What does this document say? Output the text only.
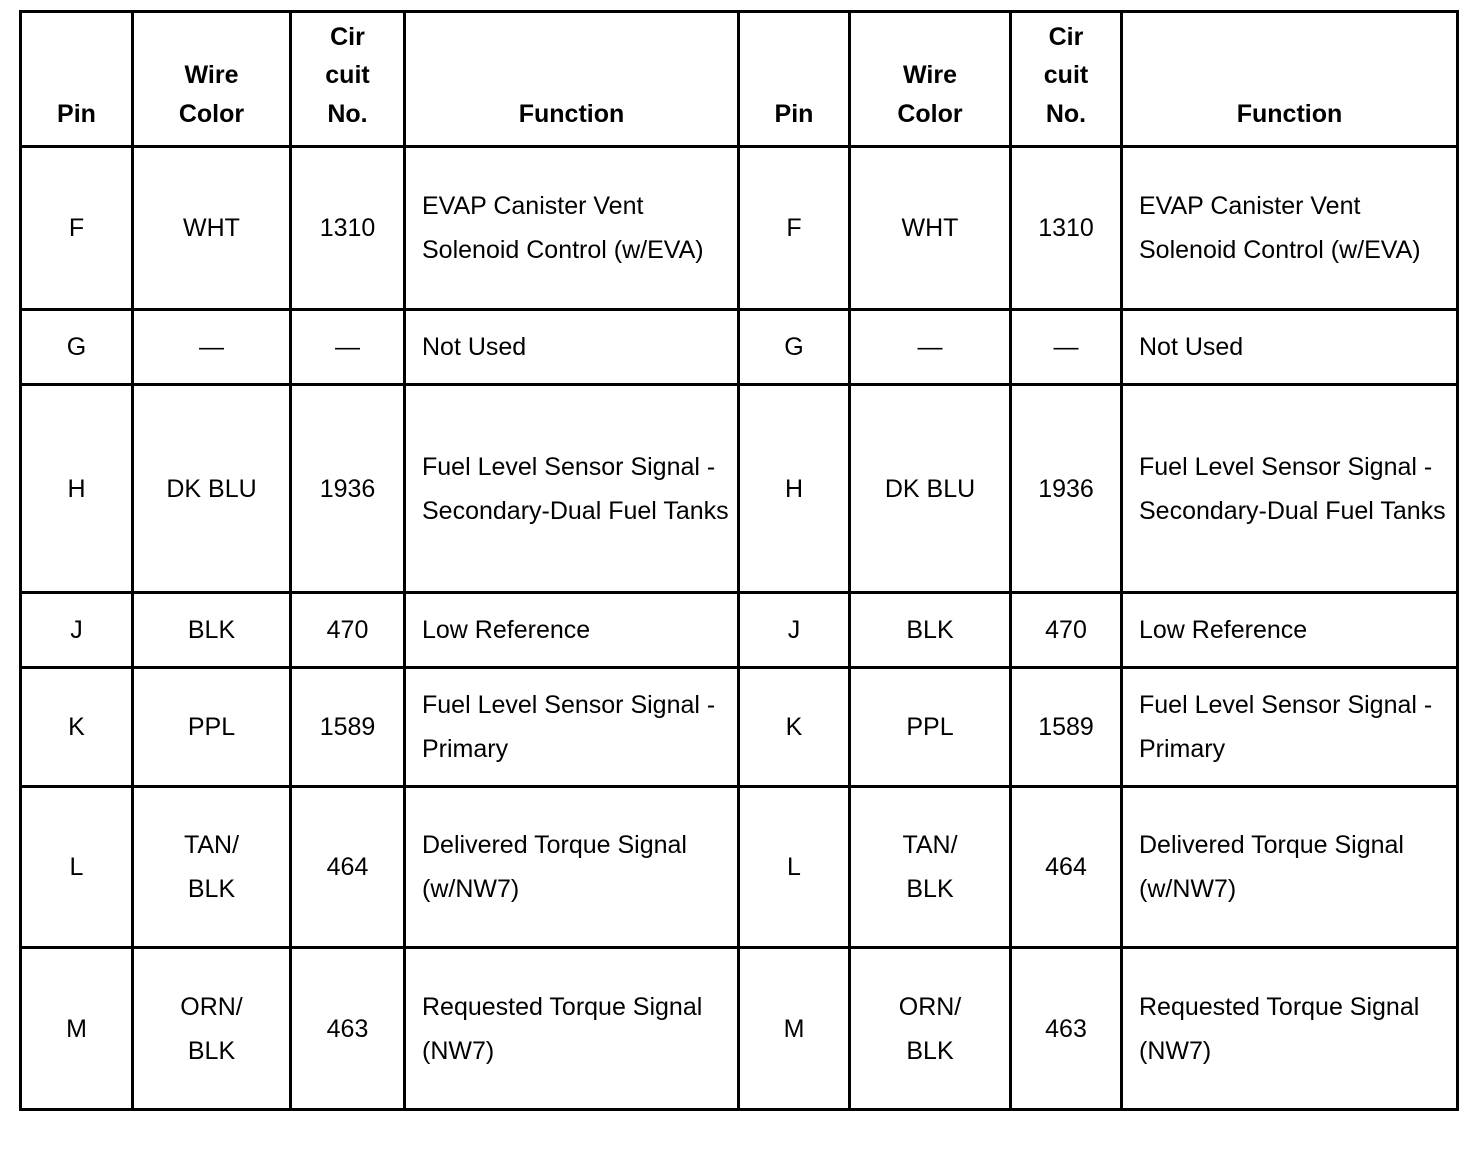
Pin	Wire Color	Cir cuit No.	Function	Pin	Wire Color	Cir cuit No.	Function
F	WHT	1310	EVAP Canister Vent Solenoid Control (w/EVA)	F	WHT	1310	EVAP Canister Vent Solenoid Control (w/EVA)
G	—	—	Not Used	G	—	—	Not Used
H	DK BLU	1936	Fuel Level Sensor Signal - Secondary-Dual Fuel Tanks	H	DK BLU	1936	Fuel Level Sensor Signal - Secondary-Dual Fuel Tanks
J	BLK	470	Low Reference	J	BLK	470	Low Reference
K	PPL	1589	Fuel Level Sensor Signal - Primary	K	PPL	1589	Fuel Level Sensor Signal - Primary
L	TAN/BLK	464	Delivered Torque Signal (w/NW7)	L	TAN/BLK	464	Delivered Torque Signal (w/NW7)
M	ORN/BLK	463	Requested Torque Signal (NW7)	M	ORN/BLK	463	Requested Torque Signal (NW7)
